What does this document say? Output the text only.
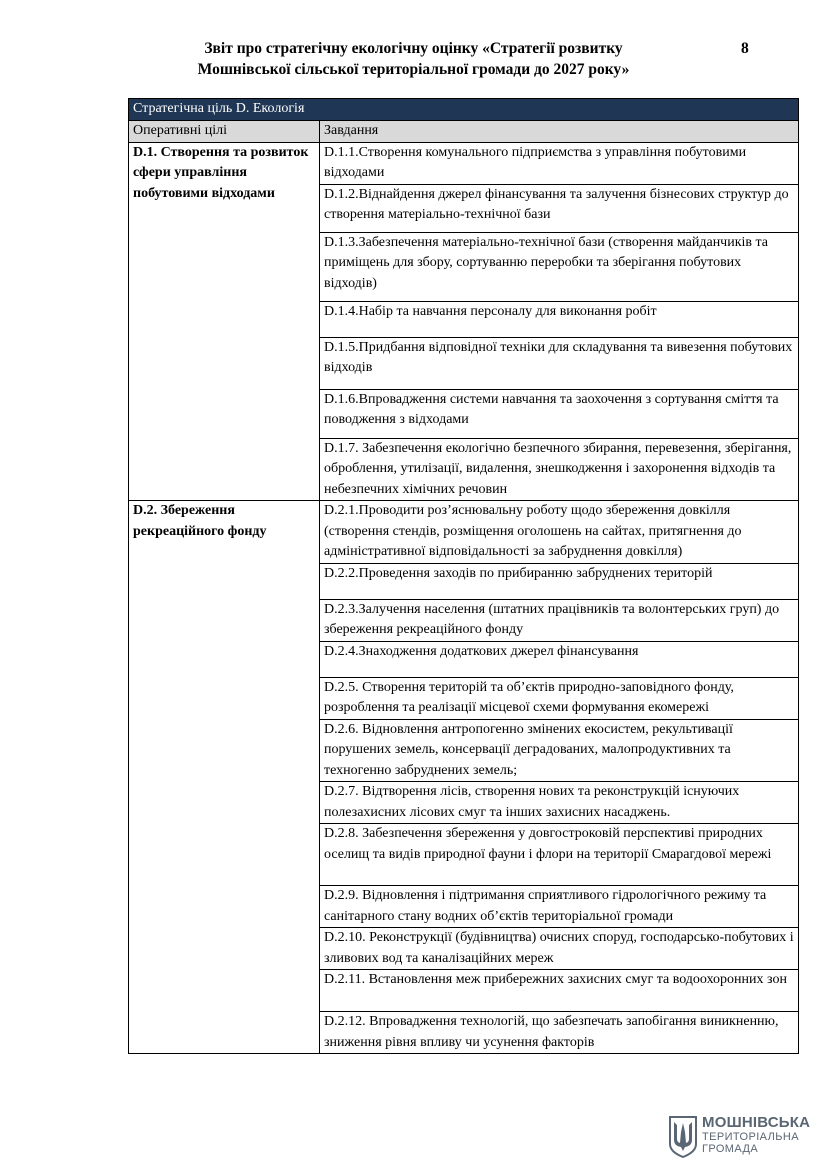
Звіт про стратегічну екологічну оцінку «Стратегії розвитку
Мошнівської сільської територіальної громади до 2027 року»
8
Стратегічна ціль D. Екологія	
Оперативні цілі	Завдання
D.1. Створення та розвиток сфери управління побутовими відходами	D.1.1.Створення комунального підприємства з управління побутовими відходами
	D.1.2.Віднайдення джерел фінансування та залучення бізнесових структур до створення матеріально-технічної бази
	D.1.3.Забезпечення матеріально-технічної бази (створення майданчиків та приміщень для збору, сортуванню переробки та зберігання побутових відходів)
	D.1.4.Набір та навчання персоналу для виконання робіт
	D.1.5.Придбання відповідної техніки для складування та вивезення побутових відходів
	D.1.6.Впровадження системи навчання та заохочення з сортування сміття та поводження з відходами
	D.1.7. Забезпечення екологічно безпечного збирання, перевезення, зберігання, оброблення, утилізації, видалення, знешкодження і захоронення відходів та небезпечних хімічних речовин
D.2. Збереження рекреаційного фонду	D.2.1.Проводити роз’яснювальну роботу щодо збереження довкілля (створення стендів, розміщення оголошень на сайтах, притягнення до адміністративної відповідальності за забруднення довкілля)
	D.2.2.Проведення заходів по прибиранню забруднених територій
	D.2.3.Залучення населення (штатних працівників та волонтерських груп) до збереження рекреаційного фонду
	D.2.4.Знаходження додаткових джерел фінансування
	D.2.5. Створення територій та об’єктів природно-заповідного фонду, розроблення та реалізації місцевої схеми формування екомережі
	D.2.6. Відновлення антропогенно змінених екосистем, рекультивації порушених земель, консервації деградованих, малопродуктивних та техногенно забруднених земель;
	D.2.7. Відтворення лісів, створення нових та реконструкцій існуючих полезахисних лісових смуг та інших захисних насаджень.
	D.2.8. Забезпечення збереження у довгостроковій перспективі природних оселищ та видів природної фауни і флори на території Смарагдової мережі
	D.2.9. Відновлення і підтримання сприятливого гідрологічного режиму та санітарного стану водних об’єктів територіальної громади
	D.2.10. Реконструкції (будівництва) очисних споруд, господарсько-побутових і зливових вод та каналізаційних мереж
	D.2.11. Встановлення меж прибережних захисних смуг та водоохоронних зон
	D.2.12. Впровадження технологій, що забезпечать запобігання виникненню, зниження рівня впливу чи усунення факторів
МОШНІВСЬКА
ТЕРИТОРІАЛЬНА
ГРОМАДА
